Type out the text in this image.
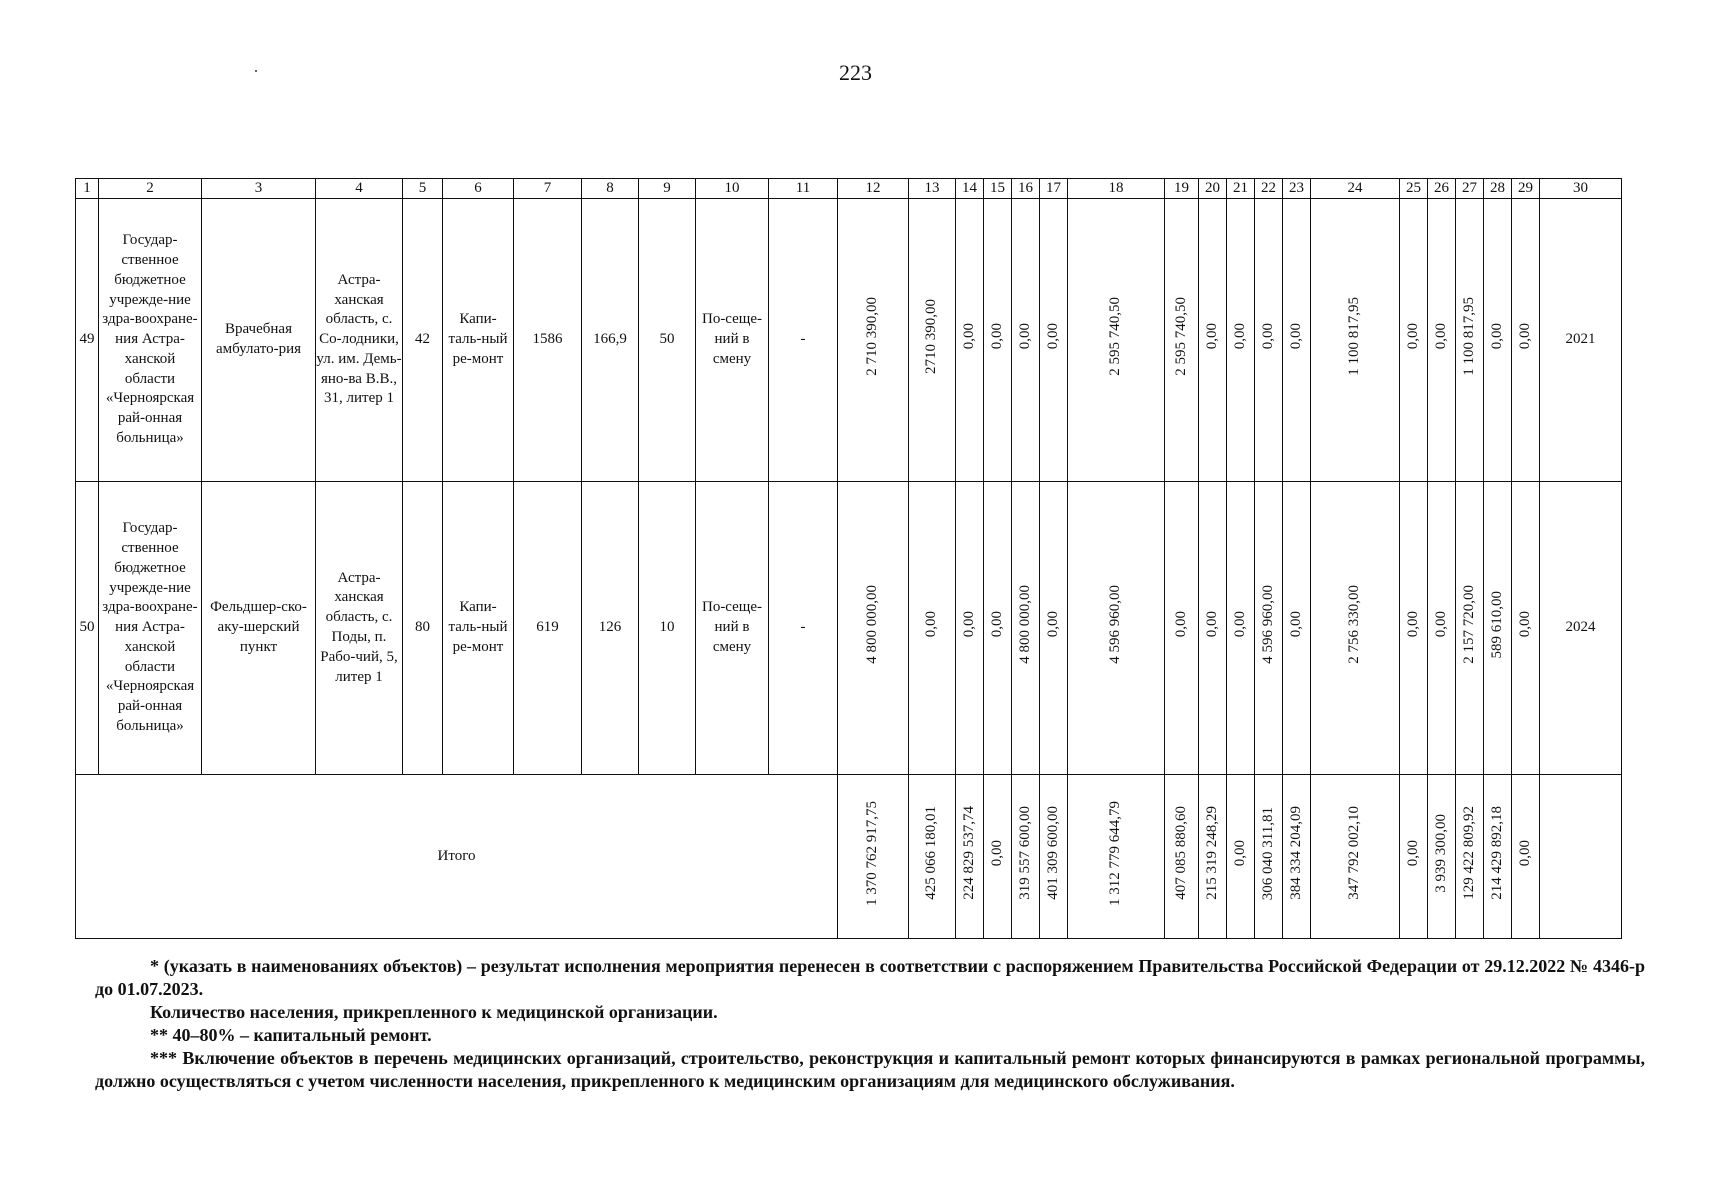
223
1	2	3	4	5	6	7	8	9	10	11	12	13	14	15	16	17	18	19	20	21	22	23	24	25	26	27	28	29	30
49	Государ-ственное бюджетное учрежде-ние здра-воохране-ния Астра-ханской области «Черноярская рай-онная больница»	Врачебная амбулато-рия	Астра-ханская область, с. Со-лодники, ул. им. Демь-яно-ва В.В., 31, литер 1	42	Капи-таль-ный ре-монт	1586	166,9	50	По-сеще-ний в смену	-	2 710 390,00	2710 390,00	0,00	0,00	0,00	0,00	2 595 740,50	2 595 740,50	0,00	0,00	0,00	0,00	1 100 817,95	0,00	0,00	1 100 817,95	0,00	0,00	2021
50	Государ-ственное бюджетное учрежде-ние здра-воохране-ния Астра-ханской области «Черноярская рай-онная больница»	Фельдшер-ско-аку-шерский пункт	Астра-ханская область, с. Поды, п. Рабо-чий, 5, литер 1	80	Капи-таль-ный ре-монт	619	126	10	По-сеще-ний в смену	-	4 800 000,00	0,00	0,00	0,00	4 800 000,00	0,00	4 596 960,00	0,00	0,00	0,00	4 596 960,00	0,00	2 756 330,00	0,00	0,00	2 157 720,00	589 610,00	0,00	2024
Итого											1 370 762 917,75	425 066 180,01	224 829 537,74	0,00	319 557 600,00	401 309 600,00	1 312 779 644,79	407 085 880,60	215 319 248,29	0,00	306 040 311,81	384 334 204,09	347 792 002,10	0,00	3 939 300,00	129 422 809,92	214 429 892,18	0,00	

* (указать в наименованиях объектов) – результат исполнения мероприятия перенесен в соответствии с распоряжением Правительства Российской Федерации от 29.12.2022 № 4346-р до 01.07.2023.

Количество населения, прикрепленного к медицинской организации.

** 40–80% – капитальный ремонт.

*** Включение объектов в перечень медицинских организаций, строительство, реконструкция и капитальный ремонт которых финансируются в рамках региональной программы, должно осуществляться с учетом численности населения, прикрепленного к медицинским организациям для медицинского обслуживания.
